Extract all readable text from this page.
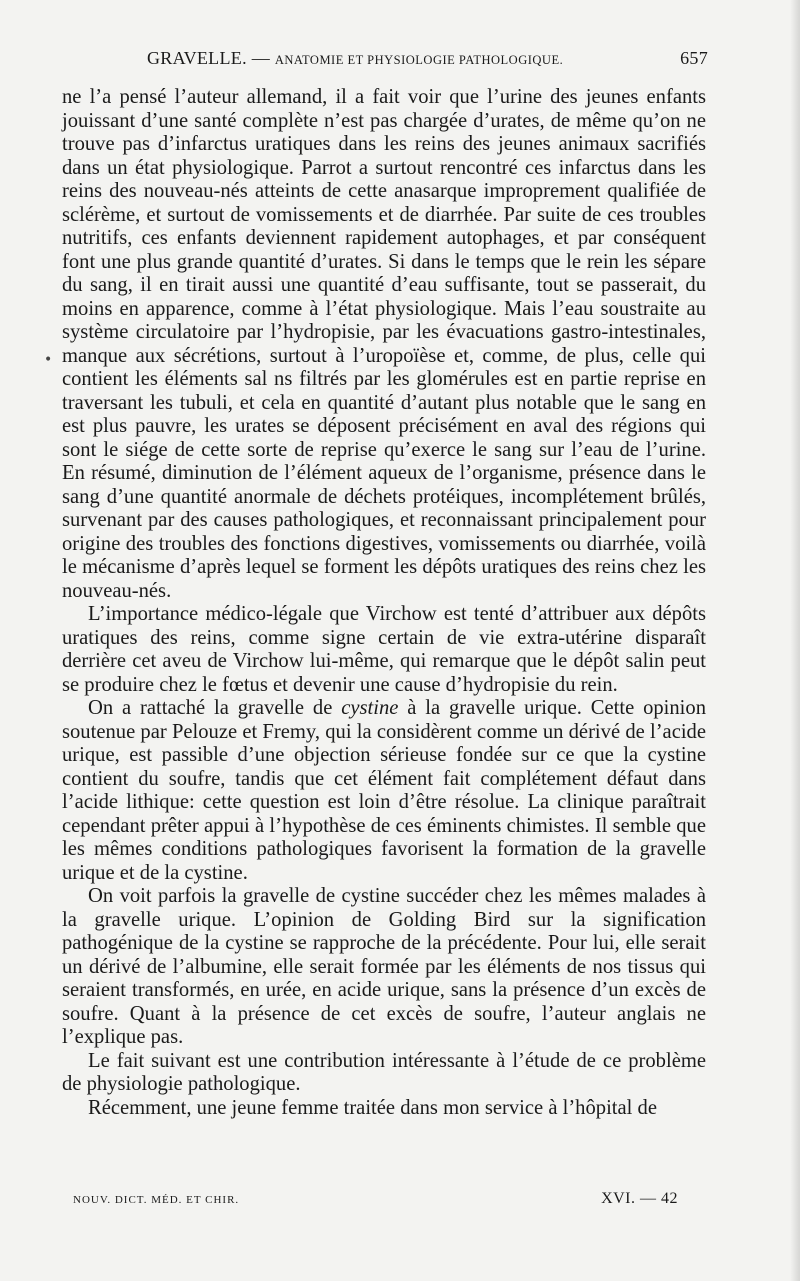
GRAVELLE. — ANATOMIE ET PHYSIOLOGIE PATHOLOGIQUE.	657

ne l’a pensé l’auteur allemand, il a fait voir que l’urine des jeunes enfants jouissant d’une santé complète n’est pas chargée d’urates, de même qu’on ne trouve pas d’infarctus uratiques dans les reins des jeunes animaux sacrifiés dans un état physiologique. Parrot a surtout rencontré ces infarctus dans les reins des nouveau-nés atteints de cette anasarque improprement qualifiée de sclérème, et surtout de vomissements et de diarrhée. Par suite de ces troubles nutritifs, ces enfants deviennent rapidement autophages, et par conséquent font une plus grande quantité d’urates. Si dans le temps que le rein les sépare du sang, il en tirait aussi une quantité d’eau suffisante, tout se passerait, du moins en apparence, comme à l’état physiologique. Mais l’eau soustraite au système circulatoire par l’hydropisie, par les évacuations gastro-intestinales, manque aux sécrétions, surtout à l’uropoïèse et, comme, de plus, celle qui contient les éléments sal ns filtrés par les glomérules est en partie reprise en traversant les tubuli, et cela en quantité d’autant plus notable que le sang en est plus pauvre, les urates se déposent précisément en aval des régions qui sont le siége de cette sorte de reprise qu’exerce le sang sur l’eau de l’urine. En résumé, diminution de l’élément aqueux de l’organisme, présence dans le sang d’une quantité anormale de déchets protéiques, incomplétement brûlés, survenant par des causes pathologiques, et reconnaissant principalement pour origine des troubles des fonctions digestives, vomissements ou diarrhée, voilà le mécanisme d’après lequel se forment les dépôts uratiques des reins chez les nouveau-nés.

L’importance médico-légale que Virchow est tenté d’attribuer aux dépôts uratiques des reins, comme signe certain de vie extra-utérine disparaît derrière cet aveu de Virchow lui-même, qui remarque que le dépôt salin peut se produire chez le fœtus et devenir une cause d’hydropisie du rein.

On a rattaché la gravelle de cystine à la gravelle urique. Cette opinion soutenue par Pelouze et Fremy, qui la considèrent comme un dérivé de l’acide urique, est passible d’une objection sérieuse fondée sur ce que la cystine contient du soufre, tandis que cet élément fait complétement défaut dans l’acide lithique: cette question est loin d’être résolue. La clinique paraîtrait cependant prêter appui à l’hypothèse de ces éminents chimistes. Il semble que les mêmes conditions pathologiques favorisent la formation de la gravelle urique et de la cystine.

On voit parfois la gravelle de cystine succéder chez les mêmes malades à la gravelle urique. L’opinion de Golding Bird sur la signification pathogénique de la cystine se rapproche de la précédente. Pour lui, elle serait un dérivé de l’albumine, elle serait formée par les éléments de nos tissus qui seraient transformés, en urée, en acide urique, sans la présence d’un excès de soufre. Quant à la présence de cet excès de soufre, l’auteur anglais ne l’explique pas.

Le fait suivant est une contribution intéressante à l’étude de ce problème de physiologie pathologique.

Récemment, une jeune femme traitée dans mon service à l’hôpital de

•
NOUV. DICT. MÉD. ET CHIR.	XVI. — 42
